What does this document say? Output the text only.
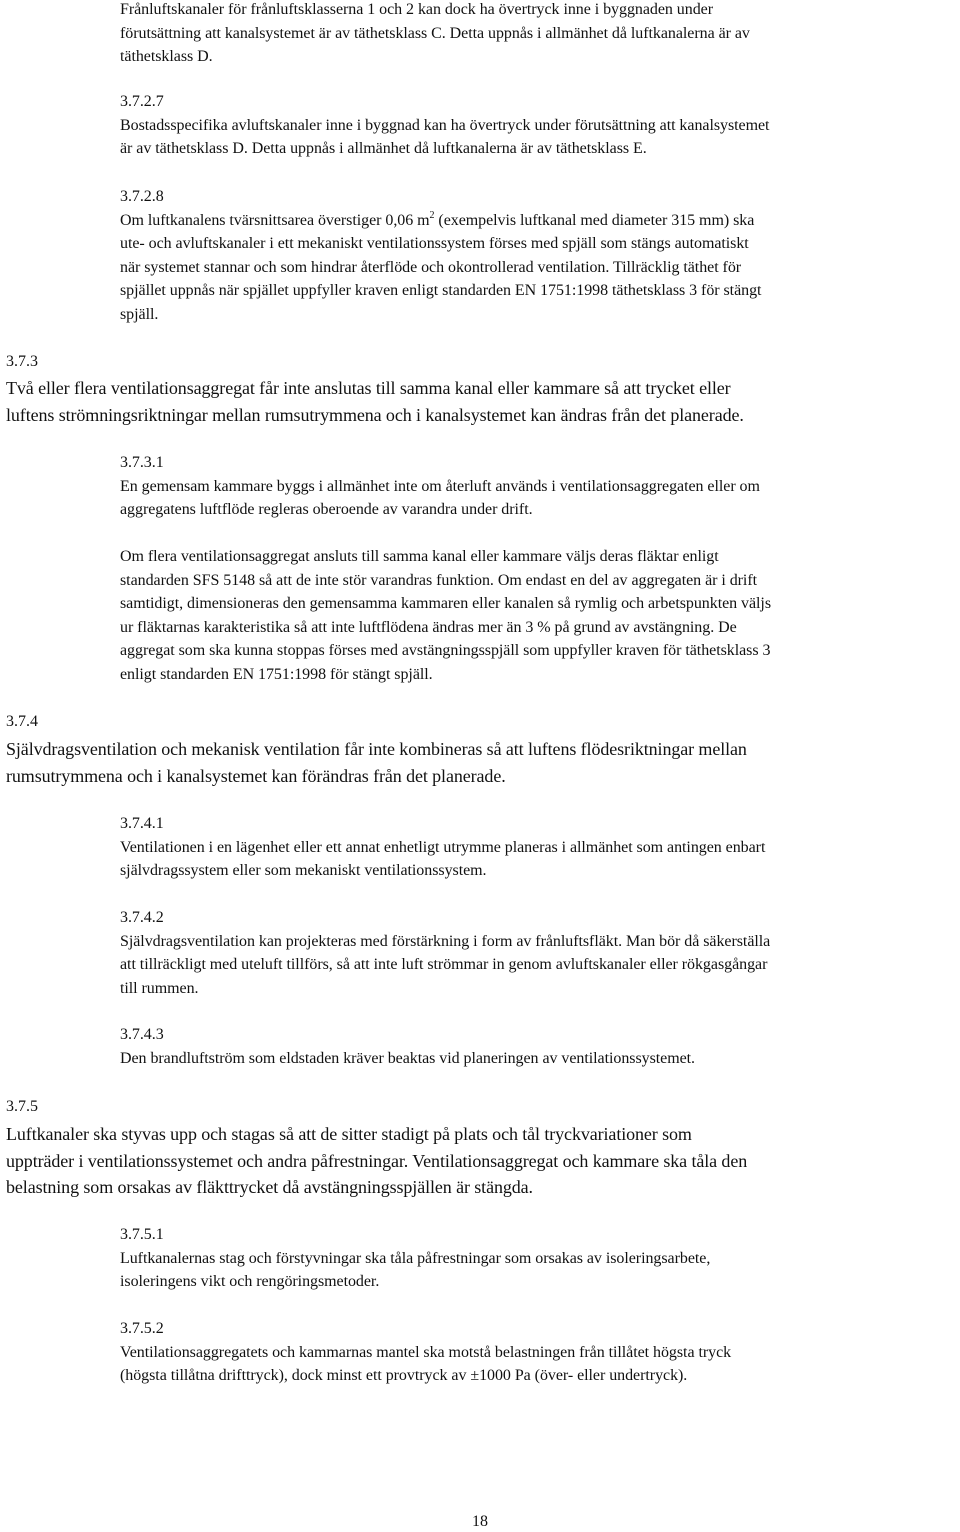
Frånluftskanaler för frånluftsklasserna 1 och 2 kan dock ha övertryck inne i byggnaden under
förutsättning att kanalsystemet är av täthetsklass C. Detta uppnås i allmänhet då luftkanalerna är av
täthetsklass D.
3.7.2.7
Bostadsspecifika avluftskanaler inne i byggnad kan ha övertryck under förutsättning att kanalsystemet
är av täthetsklass D. Detta uppnås i allmänhet då luftkanalerna är av täthetsklass E.
3.7.2.8
Om luftkanalens tvärsnittsarea överstiger 0,06 $m^2$ (exempelvis luftkanal med diameter 315 mm) ska
ute- och avluftskanaler i ett mekaniskt ventilationssystem förses med spjäll som stängs automatiskt
när systemet stannar och som hindrar återflöde och okontrollerad ventilation. Tillräcklig täthet för
spjället uppnås när spjället uppfyller kraven enligt standarden EN 1751:1998 täthetsklass 3 för stängt
spjäll.
3.7.3
Två eller flera ventilationsaggregat får inte anslutas till samma kanal eller kammare så att trycket eller
luftens strömningsriktningar mellan rumsutrymmena och i kanalsystemet kan ändras från det planerade.
3.7.3.1
En gemensam kammare byggs i allmänhet inte om återluft används i ventilationsaggregaten eller om
aggregatens luftflöde regleras oberoende av varandra under drift.
Om flera ventilationsaggregat ansluts till samma kanal eller kammare väljs deras fläktar enligt
standarden SFS 5148 så att de inte stör varandras funktion. Om endast en del av aggregaten är i drift
samtidigt, dimensioneras den gemensamma kammaren eller kanalen så rymlig och arbetspunkten väljs
ur fläktarnas karakteristika så att inte luftflödena ändras mer än 3 % på grund av avstängning. De
aggregat som ska kunna stoppas förses med avstängningsspjäll som uppfyller kraven för täthetsklass 3
enligt standarden EN 1751:1998 för stängt spjäll.
3.7.4
Självdragsventilation och mekanisk ventilation får inte kombineras så att luftens flödesriktningar mellan
rumsutrymmena och i kanalsystemet kan förändras från det planerade.
3.7.4.1
Ventilationen i en lägenhet eller ett annat enhetligt utrymme planeras i allmänhet som antingen enbart
självdragssystem eller som mekaniskt ventilationssystem.
3.7.4.2
Självdragsventilation kan projekteras med förstärkning i form av frånluftsfläkt. Man bör då säkerställa
att tillräckligt med uteluft tillförs, så att inte luft strömmar in genom avluftskanaler eller rökgasgångar
till rummen.
3.7.4.3
Den brandluftström som eldstaden kräver beaktas vid planeringen av ventilationssystemet.
3.7.5
Luftkanaler ska styvas upp och stagas så att de sitter stadigt på plats och tål tryckvariationer som
uppträder i ventilationssystemet och andra påfrestningar. Ventilationsaggregat och kammare ska tåla den
belastning som orsakas av fläkttrycket då avstängningsspjällen är stängda.
3.7.5.1
Luftkanalernas stag och förstyvningar ska tåla påfrestningar som orsakas av isoleringsarbete,
isoleringens vikt och rengöringsmetoder.
3.7.5.2
Ventilationsaggregatets och kammarnas mantel ska motstå belastningen från tillåtet högsta tryck
(högsta tillåtna drifttryck), dock minst ett provtryck av ±1000 Pa (över- eller undertryck).
18
